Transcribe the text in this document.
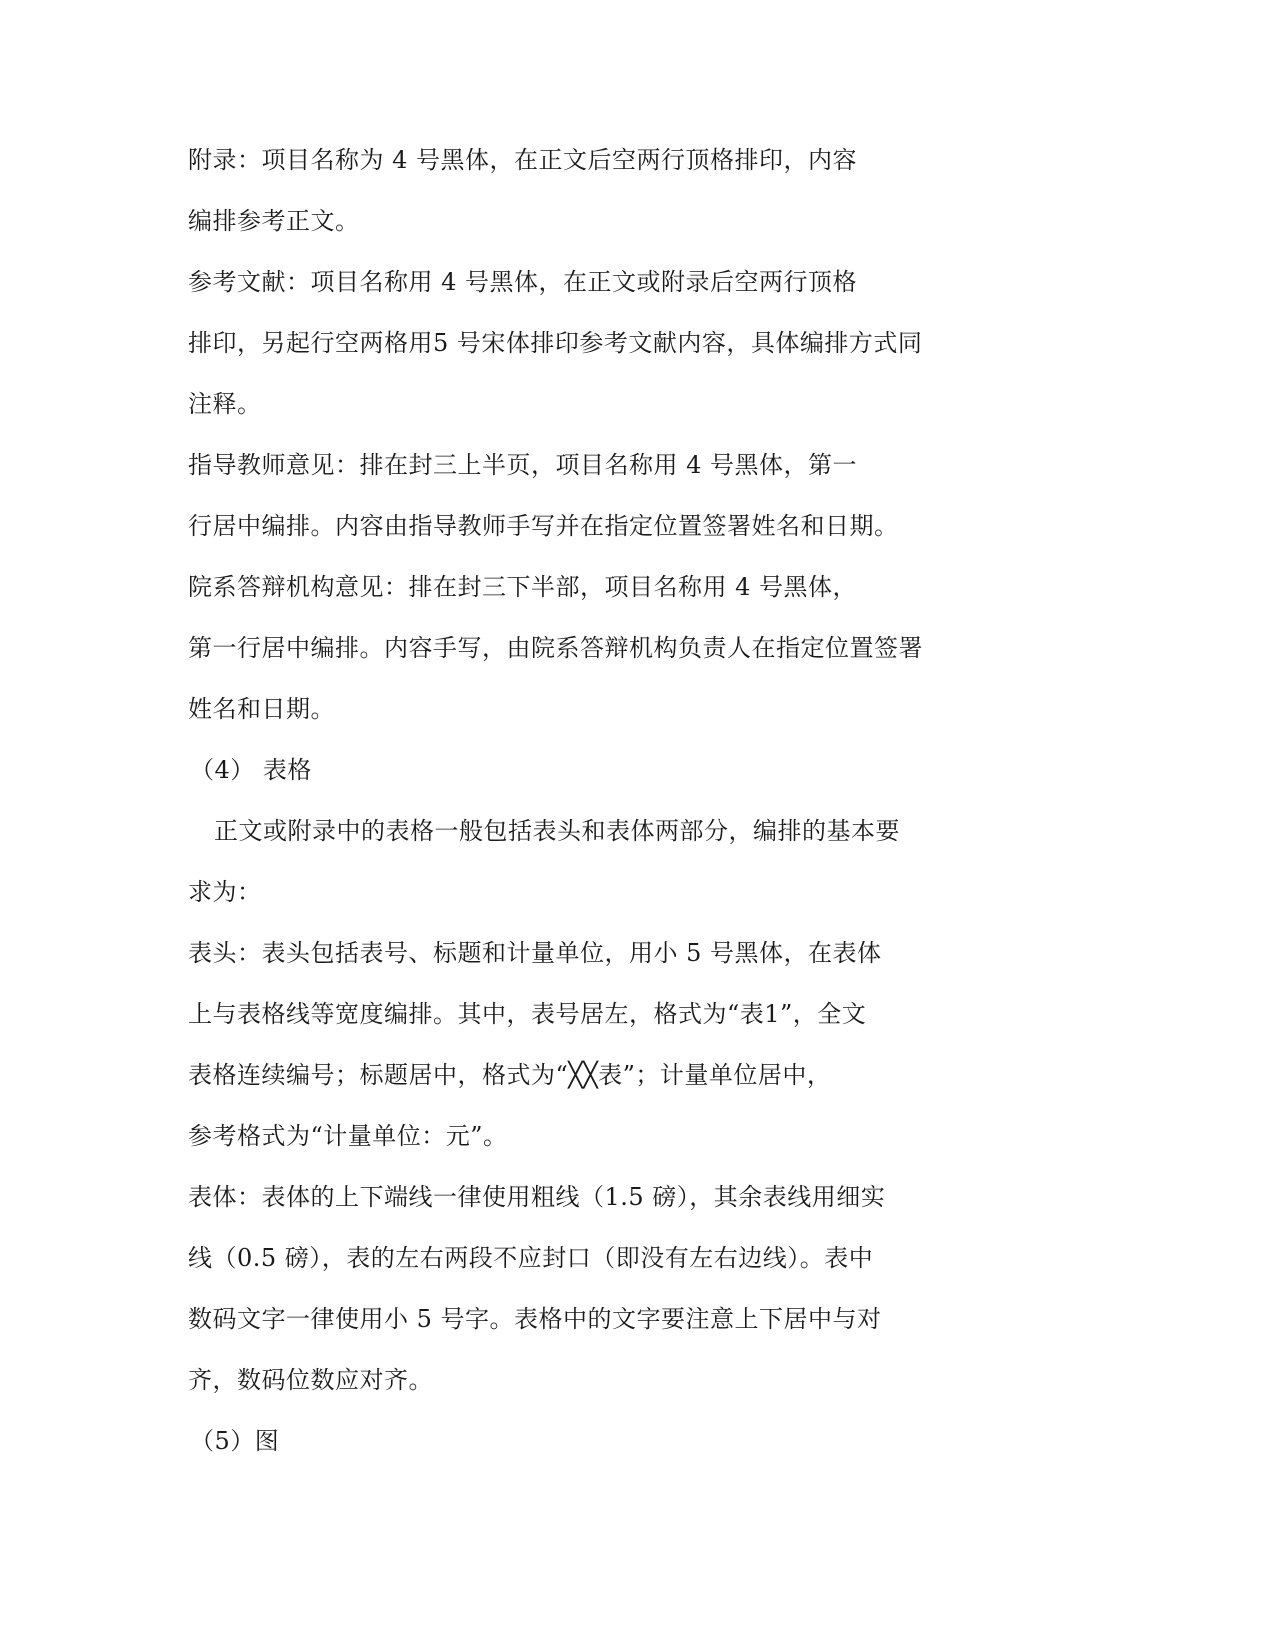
附录：项目名称为 4 号黑体，在正文后空两行顶格排印，内容
编排参考正文。
参考文献：项目名称用 4 号黑体，在正文或附录后空两行顶格
排印，另起行空两格用5 号宋体排印参考文献内容，具体编排方式同
注释。
指导教师意见：排在封三上半页，项目名称用 4 号黑体，第一
行居中编排。内容由指导教师手写并在指定位置签署姓名和日期。
院系答辩机构意见：排在封三下半部，项目名称用 4 号黑体，
第一行居中编排。内容手写，由院系答辩机构负责人在指定位置签署
姓名和日期。
（4） 表格
正文或附录中的表格一般包括表头和表体两部分，编排的基本要
求为：
表头：表头包括表号、标题和计量单位，用小 5 号黑体，在表体
上与表格线等宽度编排。其中，表号居左，格式为“表1”，全文
表格连续编号；标题居中，格式为“╳╳表”；计量单位居中，
参考格式为“计量单位：元”。
表体：表体的上下端线一律使用粗线（1.5 磅），其余表线用细实
线（0.5 磅），表的左右两段不应封口（即没有左右边线）。表中
数码文字一律使用小 5 号字。表格中的文字要注意上下居中与对
齐，数码位数应对齐。
（5）图
